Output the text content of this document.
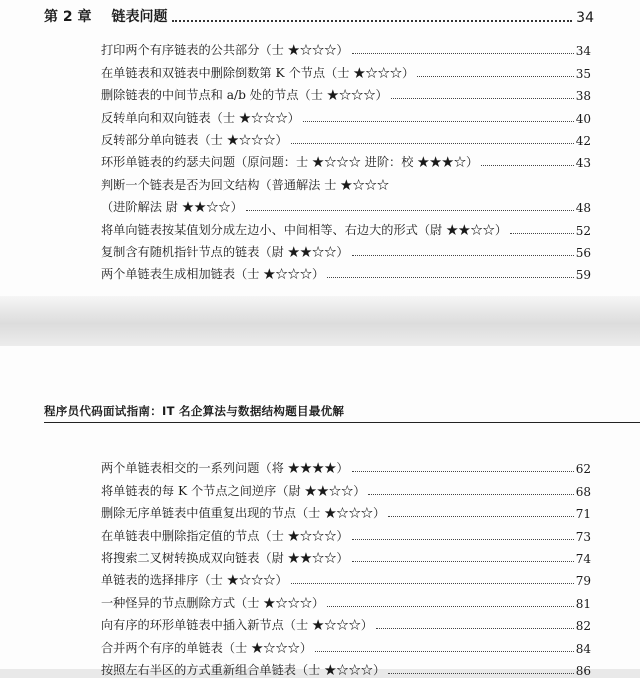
第 2 章 链表问题	34
打印两个有序链表的公共部分（士 ★☆☆☆）	34
在单链表和双链表中删除倒数第 K 个节点（士 ★☆☆☆）	35
删除链表的中间节点和 a/b 处的节点（士 ★☆☆☆）	38
反转单向和双向链表（士 ★☆☆☆）	40
反转部分单向链表（士 ★☆☆☆）	42
环形单链表的约瑟夫问题（原问题：士 ★☆☆☆ 进阶：校 ★★★☆）	43
判断一个链表是否为回文结构（普通解法 士 ★☆☆☆
（进阶解法 尉 ★★☆☆）	48
将单向链表按某值划分成左边小、中间相等、右边大的形式（尉 ★★☆☆）	52
复制含有随机指针节点的链表（尉 ★★☆☆）	56
两个单链表生成相加链表（士 ★☆☆☆）	59
程序员代码面试指南：IT 名企算法与数据结构题目最优解
两个单链表相交的一系列问题（将 ★★★★）	62
将单链表的每 K 个节点之间逆序（尉 ★★☆☆）	68
删除无序单链表中值重复出现的节点（士 ★☆☆☆）	71
在单链表中删除指定值的节点（士 ★☆☆☆）	73
将搜索二叉树转换成双向链表（尉 ★★☆☆）	74
单链表的选择排序（士 ★☆☆☆）	79
一种怪异的节点删除方式（士 ★☆☆☆）	81
向有序的环形单链表中插入新节点（士 ★☆☆☆）	82
合并两个有序的单链表（士 ★☆☆☆）	84
按照左右半区的方式重新组合单链表（士 ★☆☆☆）	86
